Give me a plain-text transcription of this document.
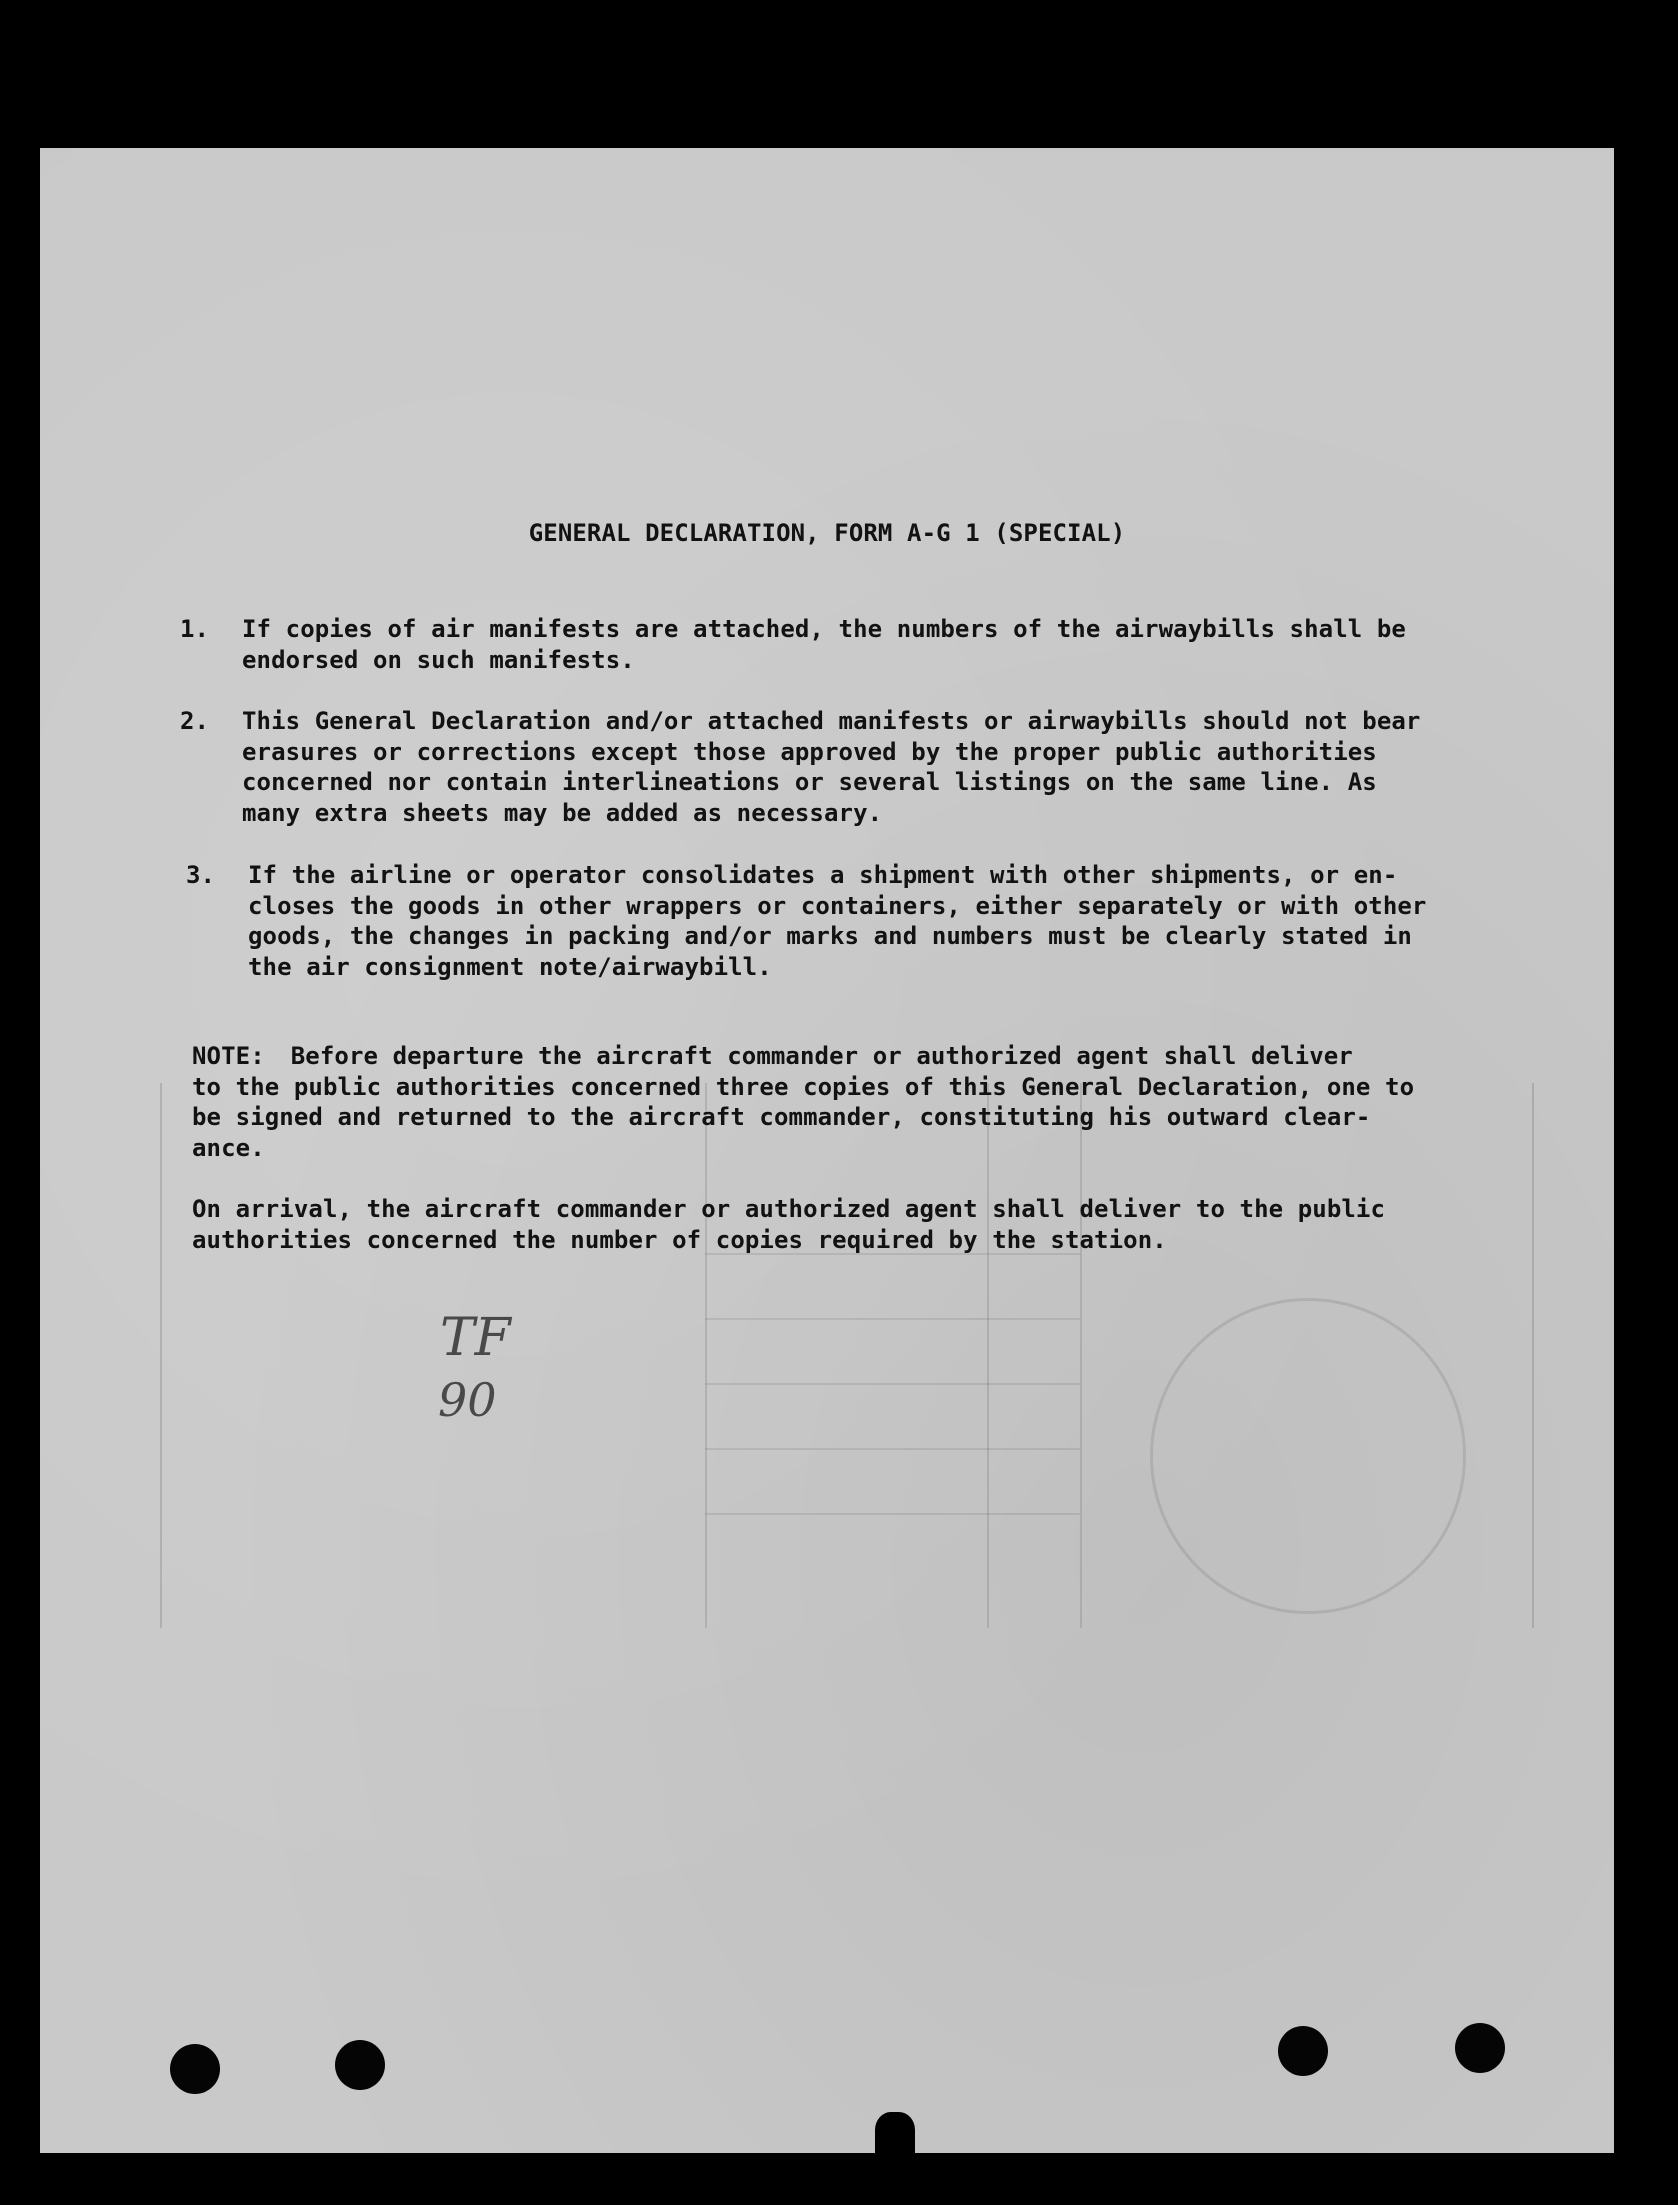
GENERAL DECLARATION, FORM A-G 1 (SPECIAL)
1.	If copies of air manifests are attached, the numbers of the airwaybills shall be
endorsed on such manifests.
2.	This General Declaration and/or attached manifests or airwaybills should not bear
erasures or corrections except those approved by the proper public authorities
concerned nor contain interlineations or several listings on the same line. As
many extra sheets may be added as necessary.
3.	If the airline or operator consolidates a shipment with other shipments, or en-
closes the goods in other wrappers or containers, either separately or with other
goods, the changes in packing and/or marks and numbers must be clearly stated in
the air consignment note/airwaybill.
NOTE: Before departure the aircraft commander or authorized agent shall deliver
to the public authorities concerned three copies of this General Declaration, one to
be signed and returned to the aircraft commander, constituting his outward clear-
ance.
On arrival, the aircraft commander or authorized agent shall deliver to the public
authorities concerned the number of copies required by the station.
TF
90
